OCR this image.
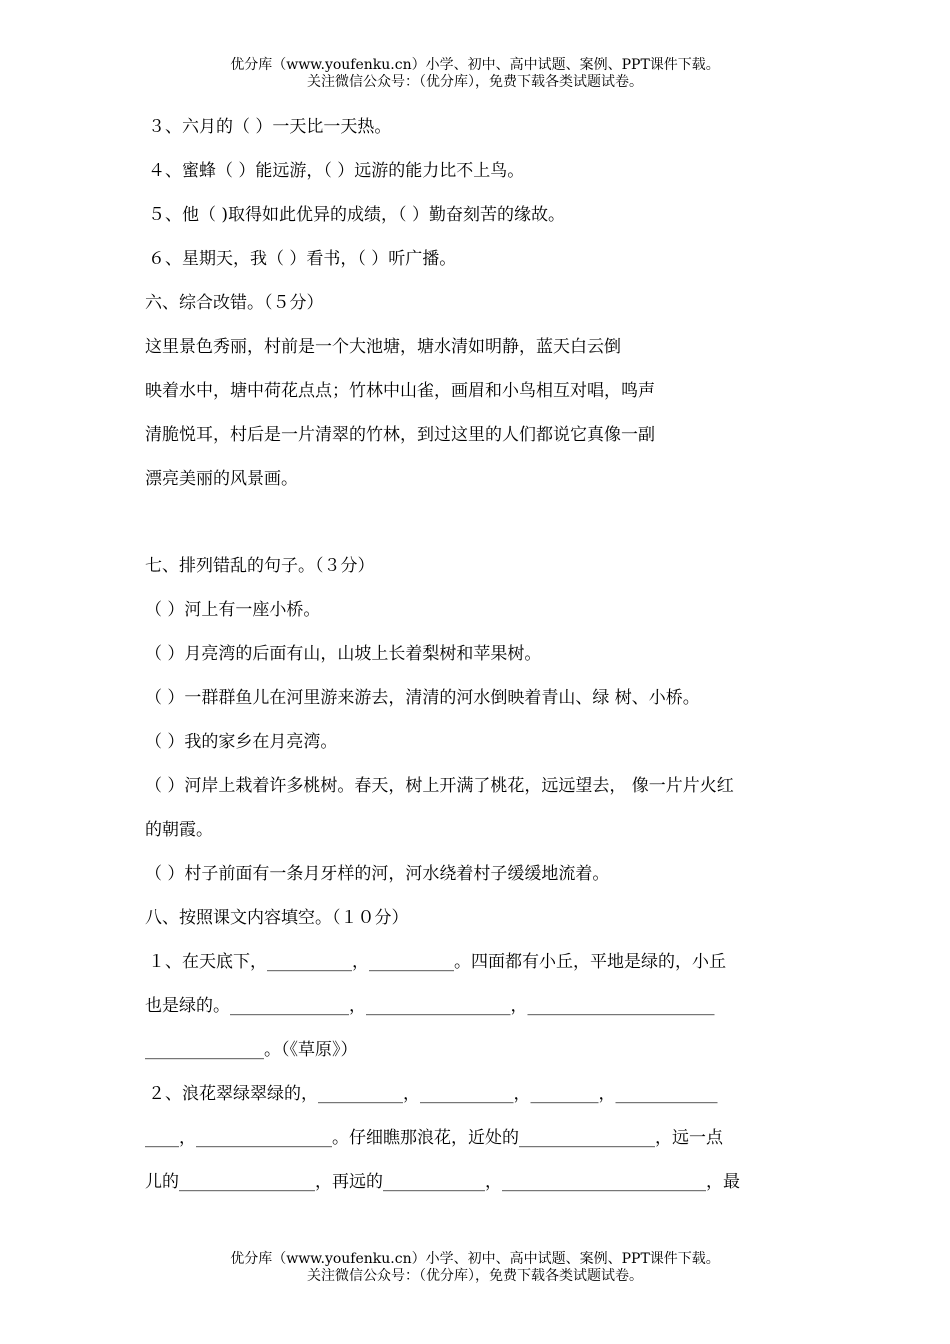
优分库（www.youfenku.cn）小学、初中、高中试题、案例、PPT课件下载。
关注微信公众号：（优分库），免费下载各类试题试卷。
３、六月的（ ）一天比一天热。
４、蜜蜂（ ）能远游，（ ）远游的能力比不上鸟。
５、他（ )取得如此优异的成绩，（ ）勤奋刻苦的缘故。
６、星期天，我（ ）看书，（ ）听广播。
六、综合改错。（５分）
这里景色秀丽，村前是一个大池塘，塘水清如明静，蓝天白云倒
映着水中，塘中荷花点点；竹林中山雀，画眉和小鸟相互对唱，鸣声
清脆悦耳，村后是一片清翠的竹林，到过这里的人们都说它真像一副
漂亮美丽的风景画。
七、排列错乱的句子。（３分）
（ ）河上有一座小桥。
（ ）月亮湾的后面有山，山坡上长着梨树和苹果树。
（ ）一群群鱼儿在河里游来游去，清清的河水倒映着青山、绿 树、小桥。
（ ）我的家乡在月亮湾。
（ ）河岸上栽着许多桃树。春天，树上开满了桃花，远远望去， 像一片片火红
的朝霞。
（ ）村子前面有一条月牙样的河，河水绕着村子缓缓地流着。
八、按照课文内容填空。（１０分）
１、在天底下，__________，__________。四面都有小丘，平地是绿的，小丘
也是绿的。______________，_________________，______________________
______________。（《草原》）
２、浪花翠绿翠绿的，__________，___________，________，____________
____，________________。仔细瞧那浪花，近处的________________，远一点
儿的________________，再远的____________，________________________，最
优分库（www.youfenku.cn）小学、初中、高中试题、案例、PPT课件下载。
关注微信公众号：（优分库），免费下载各类试题试卷。
